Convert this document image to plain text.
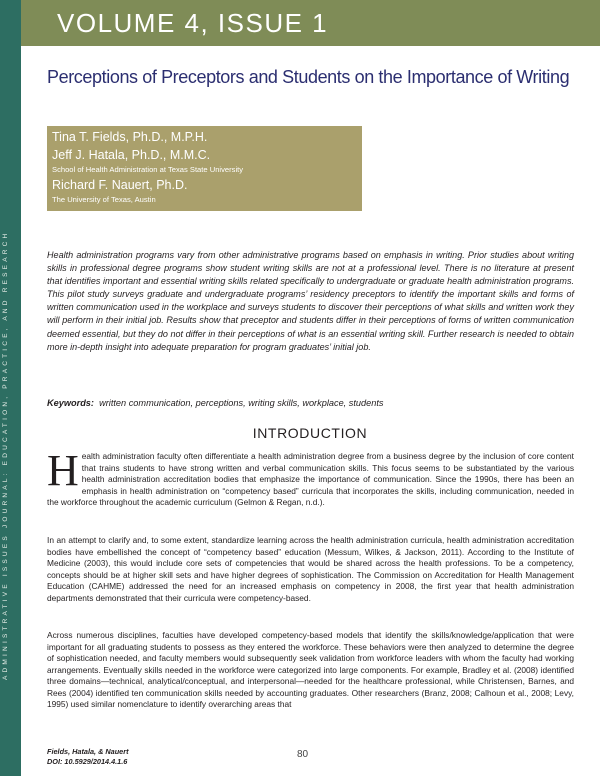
ADMINISTRATIVE ISSUES JOURNAL: EDUCATION, PRACTICE, AND RESEARCH
VOLUME 4, ISSUE 1
Perceptions of Preceptors and Students on the Importance of Writing
Tina T. Fields, Ph.D., M.P.H.
Jeff J. Hatala, Ph.D., M.M.C.
School of Health Administration at Texas State University
Richard F. Nauert, Ph.D.
The University of Texas, Austin

Health administration programs vary from other administrative programs based on emphasis in writing. Prior studies about writing skills in professional degree programs show student writing skills are not at a professional level. There is no literature at present that identifies important and essential writing skills related specifically to undergraduate or graduate health administration programs. This pilot study surveys graduate and undergraduate programs’ residency preceptors to identify the important skills and forms of written communication used in the workplace and surveys students to discover their perceptions of what skills and written work they will perform in their initial job. Results show that preceptor and students differ in their perceptions of forms of written communication deemed essential, but they do not differ in their perceptions of what is an essential writing skill. Further research is needed to obtain more in-depth insight into adequate preparation for program graduates’ initial job.

Keywords: written communication, perceptions, writing skills, workplace, students
INTRODUCTION

Health administration faculty often differentiate a health administration degree from a business degree by the inclusion of core content that trains students to have strong written and verbal communication skills. This focus seems to be substantiated by the various health administration accreditation bodies that emphasize the importance of communication. Since the 1990s, there has been an emphasis in health administration on “competency based” curricula that incorporates the skills, including communication, needed in the workforce throughout the academic curriculum (Gelmon & Regan, n.d.).

In an attempt to clarify and, to some extent, standardize learning across the health administration curricula, health administration accreditation bodies have embellished the concept of “competency based” education (Messum, Wilkes, & Jackson, 2011). According to the Institute of Medicine (2003), this would include core sets of competencies that would be shared across the health professions. To be a competency, concepts should be at higher skill sets and have higher degrees of sophistication. The Commission on Accreditation for Health Management Education (CAHME) addressed the need for an increased emphasis on competency in 2008, the first year that health administration departments demonstrated that their curricula were competency-based.

Across numerous disciplines, faculties have developed competency-based models that identify the skills/knowledge/application that were important for all graduating students to possess as they entered the workforce. These behaviors were then analyzed to determine the degree of sophistication needed, and faculty members would subsequently seek validation from workforce leaders with whom the faculty had working arrangements. Eventually skills needed in the workforce were categorized into large components. For example, Bradley et al. (2008) identified three domains—technical, analytical/conceptual, and interpersonal—needed for the healthcare professional, while Christensen, Barnes, and Rees (2004) identified ten communication skills needed by accounting graduates. Other researchers (Branz, 2008; Calhoun et al., 2008; Levy, 1995) used similar nomenclature to identify overarching areas that

Fields, Hatala, & Nauert
DOI: 10.5929/2014.4.1.6
80
